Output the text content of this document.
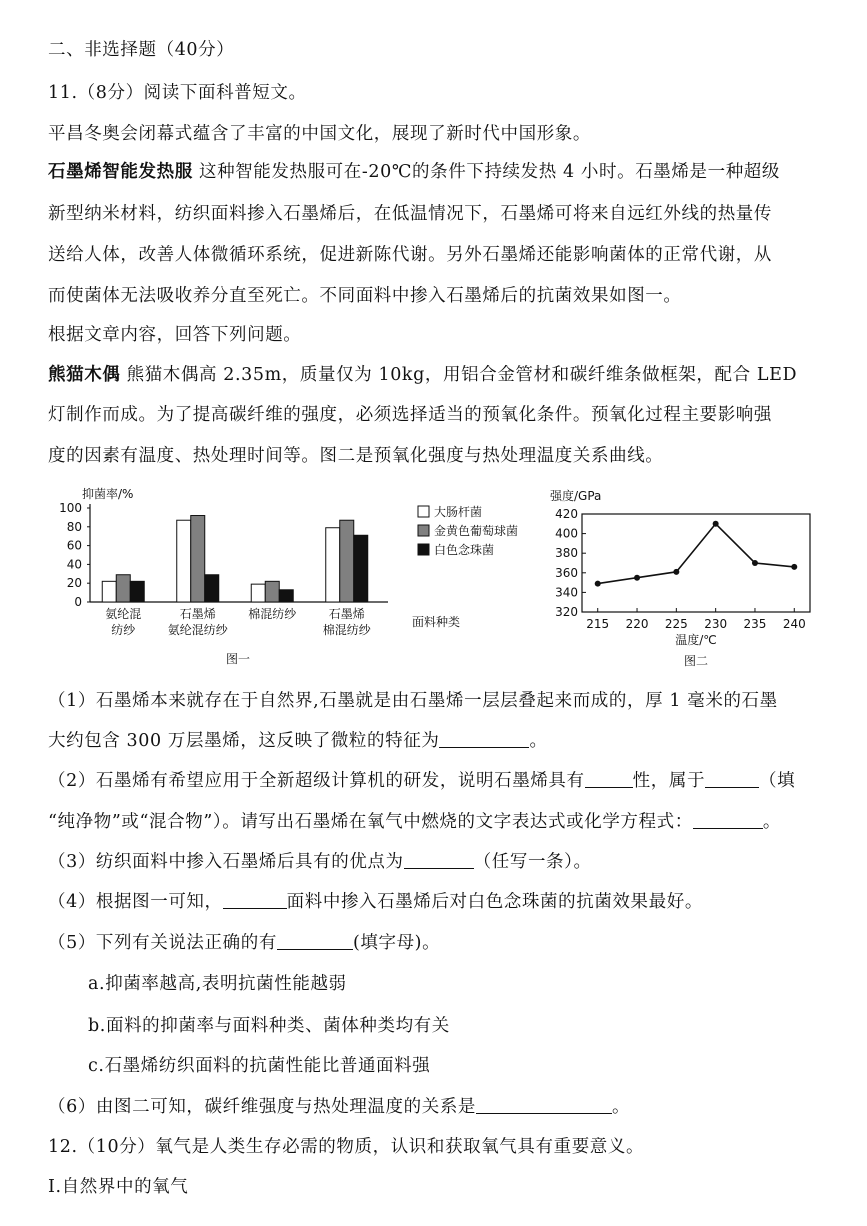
二、非选择题（40分）
11.（8分）阅读下面科普短文。
平昌冬奥会闭幕式蕴含了丰富的中国文化，展现了新时代中国形象。
石墨烯智能发热服 这种智能发热服可在-20℃的条件下持续发热 4 小时。石墨烯是一种超级
新型纳米材料，纺织面料掺入石墨烯后，在低温情况下，石墨烯可将来自远红外线的热量传
送给人体，改善人体微循环系统，促进新陈代谢。另外石墨烯还能影响菌体的正常代谢，从
而使菌体无法吸收养分直至死亡。不同面料中掺入石墨烯后的抗菌效果如图一。
根据文章内容，回答下列问题。
熊猫木偶 熊猫木偶高 2.35m，质量仅为 10kg，用铝合金管材和碳纤维条做框架，配合 LED
灯制作而成。为了提高碳纤维的强度，必须选择适当的预氧化条件。预氧化过程主要影响强
度的因素有温度、热处理时间等。图二是预氧化强度与热处理温度关系曲线。
抑菌率/%
0
20
40
60
80
100
氨纶混
纺纱
石墨烯
氨纶混纺纱
棉混纺纱	石墨烯
棉混纺纱
面料种类
大肠杆菌
金黄色葡萄球菌
白色念珠菌
图一
强度/GPa
320
340
360
380
400
420
215 220 225 230 235 240
温度/℃
图二
（1）石墨烯本来就存在于自然界,石墨就是由石墨烯一层层叠起来而成的，厚 1 毫米的石墨
大约包含 300 万层墨烯，这反映了微粒的特征为	。
（2）石墨烯有希望应用于全新超级计算机的研发，说明石墨烯具有	性，属于	（填
“纯净物”或“混合物”）。请写出石墨烯在氧气中燃烧的文字表达式或化学方程式：	。
（3）纺织面料中掺入石墨烯后具有的优点为	（任写一条）。
（4）根据图一可知，	面料中掺入石墨烯后对白色念珠菌的抗菌效果最好。
（5）下列有关说法正确的有	(填字母)。
a.抑菌率越高,表明抗菌性能越弱
b.面料的抑菌率与面料种类、菌体种类均有关
c.石墨烯纺织面料的抗菌性能比普通面料强
（6）由图二可知，碳纤维强度与热处理温度的关系是	。
12.（10分）氧气是人类生存必需的物质，认识和获取氧气具有重要意义。
Ⅰ.自然界中的氧气
